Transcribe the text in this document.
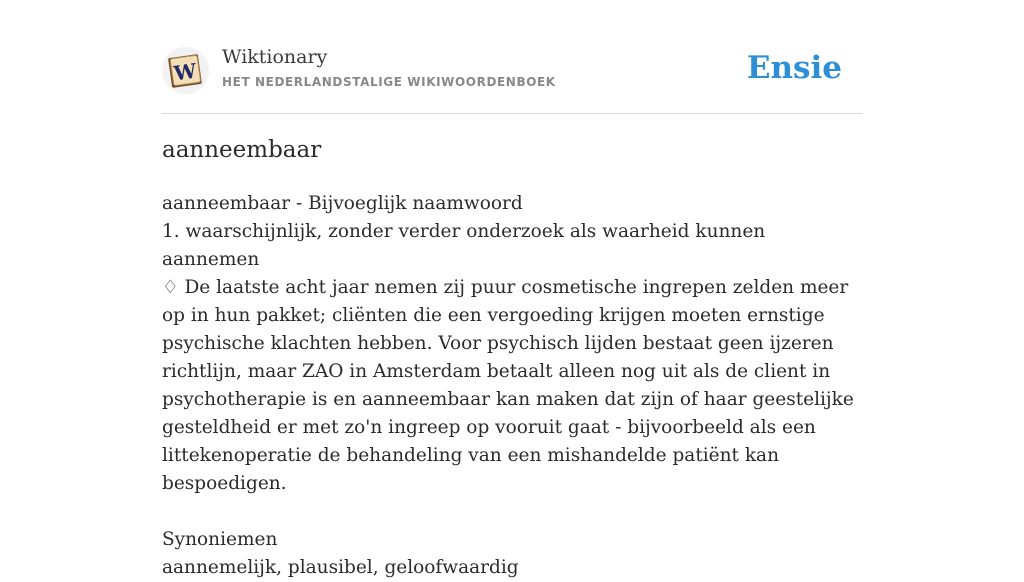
W
Wiktionary
HET NEDERLANDSTALIGE WIKIWOORDENBOEK	Ensie
aanneembaar

aanneembaar - Bijvoeglijk naamwoord

1. waarschijnlijk, zonder verder onderzoek als waarheid kunnen aannemen

♢ De laatste acht jaar nemen zij puur cosmetische ingrepen zelden meer op in hun pakket; cliënten die een vergoeding krijgen moeten ernstige psychische klachten hebben. Voor psychisch lijden bestaat geen ijzeren richtlijn, maar ZAO in Amsterdam betaalt alleen nog uit als de client in psychotherapie is en aanneembaar kan maken dat zijn of haar geestelijke gesteldheid er met zo'n ingreep op vooruit gaat - bijvoorbeeld als een littekenoperatie de behandeling van een mishandelde patiënt kan bespoedigen.

Synoniemen

aannemelijk, plausibel, geloofwaardig
